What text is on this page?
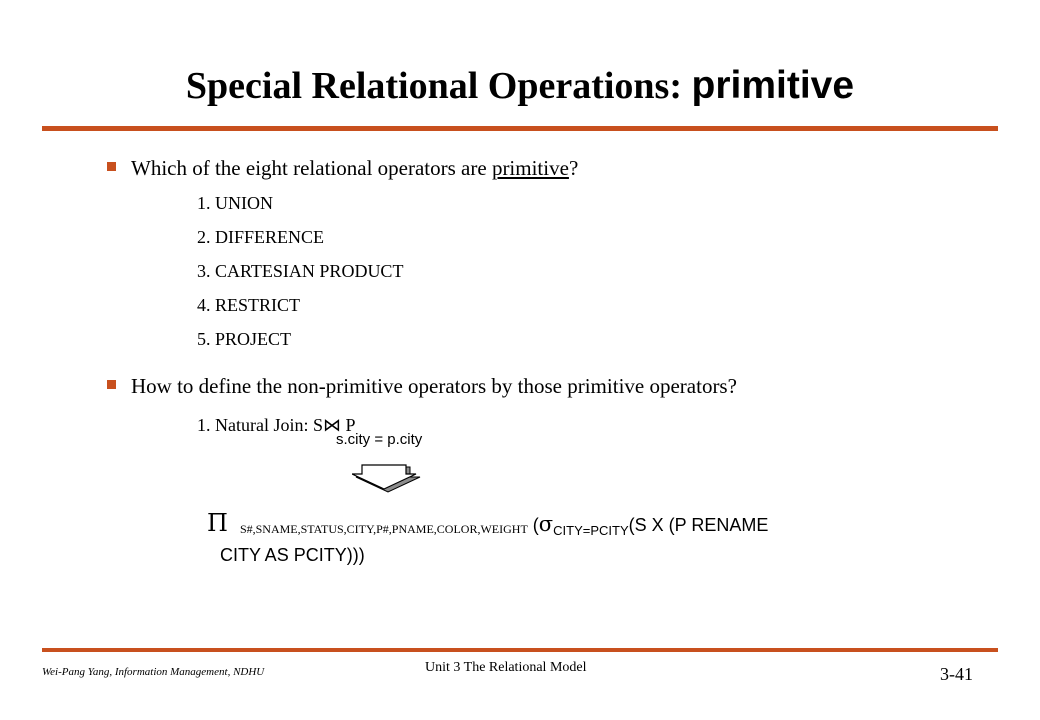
Special Relational Operations: primitive
Which of the eight relational operators are primitive?
1. UNION
2. DIFFERENCE
3. CARTESIAN PRODUCT
4. RESTRICT
5. PROJECT
How to define the non-primitive operators by those primitive operators?
1. Natural Join: S⋈ P
s.city = p.city
Π S#,SNAME,STATUS,CITY,P#,PNAME,COLOR,WEIGHT ($\sigma_{CITY=PCITY}(S$ X (P RENAME
CITY AS PCITY)))
Wei-Pang Yang, Information Management, NDHU	Unit 3 The Relational Model	3-41
